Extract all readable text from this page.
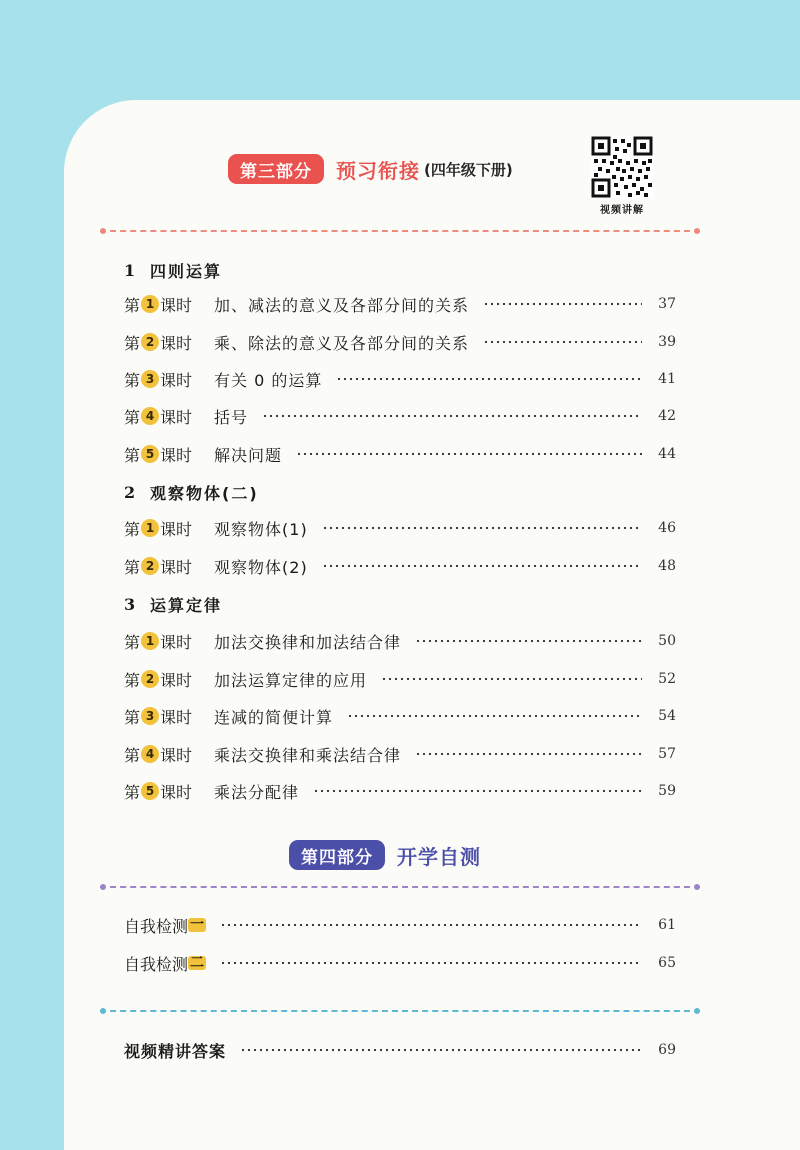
第三部分	预习衔接 (四年级下册)
视频讲解
1 四则运算
第 1 课时 加、减法的意义及各部分间的关系	37
第 2 课时 乘、除法的意义及各部分间的关系	39
第 3 课时 有关 0 的运算	41
第 4 课时 括号	42
第 5 课时 解决问题	44
2 观察物体(二)
第 1 课时 观察物体(1)	46
第 2 课时 观察物体(2)	48
3 运算定律
第 1 课时 加法交换律和加法结合律	50
第 2 课时 加法运算定律的应用	52
第 3 课时 连减的简便计算	54
第 4 课时 乘法交换律和乘法结合律	57
第 5 课时 乘法分配律	59
第四部分	开学自测
自我检测 一	61
自我检测 二	65
视频精讲答案	69
